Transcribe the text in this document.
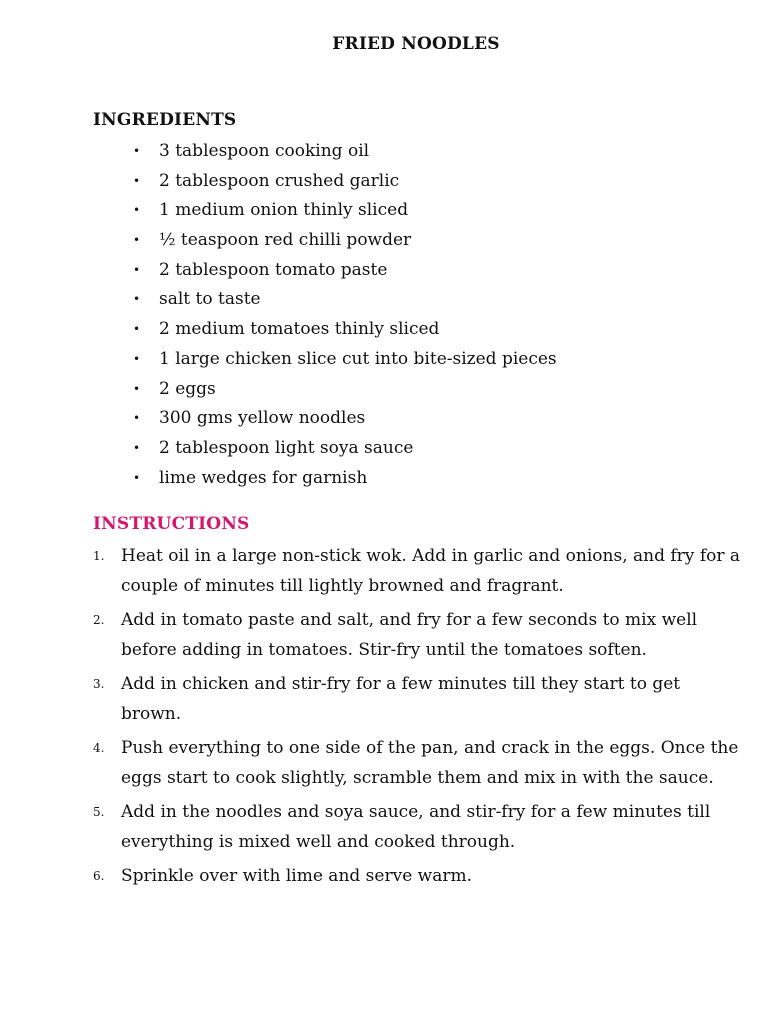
FRIED NOODLES
INGREDIENTS
• 3 tablespoon cooking oil
• 2 tablespoon crushed garlic
• 1 medium onion thinly sliced
• ½ teaspoon red chilli powder
• 2 tablespoon tomato paste
• salt to taste
• 2 medium tomatoes thinly sliced
• 1 large chicken slice cut into bite-sized pieces
• 2 eggs
• 300 gms yellow noodles
• 2 tablespoon light soya sauce
• lime wedges for garnish
INSTRUCTIONS
1. Heat oil in a large non-stick wok. Add in garlic and onions, and fry for a couple of minutes till lightly browned and fragrant.
2. Add in tomato paste and salt, and fry for a few seconds to mix well before adding in tomatoes. Stir-fry until the tomatoes soften.
3. Add in chicken and stir-fry for a few minutes till they start to get brown.
4. Push everything to one side of the pan, and crack in the eggs. Once the eggs start to cook slightly, scramble them and mix in with the sauce.
5. Add in the noodles and soya sauce, and stir-fry for a few minutes till everything is mixed well and cooked through.
6. Sprinkle over with lime and serve warm.
